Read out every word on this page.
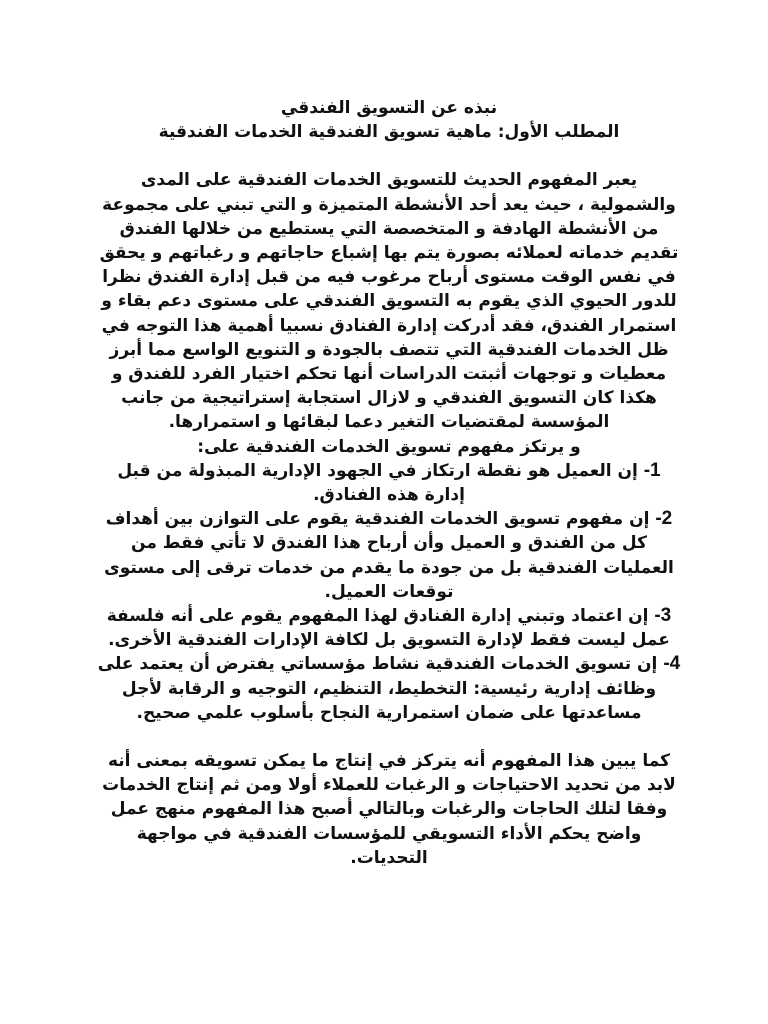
نبذه عن التسويق الفندقي
المطلب الأول: ماهية تسويق الفندقية الخدمات الفندقية

يعبر المفهوم الحديث للتسويق الخدمات الفندقية على المدى والشمولية ، حيث يعد أحد الأنشطة المتميزة و التي تبني على مجموعة من الأنشطة الهادفة و المتخصصة التي يستطيع من خلالها الفندق تقديم خدماته لعملائه بصورة يتم بها إشباع حاجاتهم و رغباتهم و يحقق في نفس الوقت مستوى أرباح مرغوب فيه من قبل إدارة الفندق نظرا للدور الحيوي الذي يقوم به التسويق الفندقي على مستوى دعم بقاء و استمرار الفندق، فقد أدركت إدارة الفنادق نسبيا أهمية هذا التوجه في ظل الخدمات الفندقية التي تتصف بالجودة و التنويع الواسع مما أبرز معطيات و توجهات أثبتت الدراسات أنها تحكم اختيار الفرد للفندق و هكذا كان التسويق الفندقي و لازال استجابة إستراتيجية من جانب المؤسسة لمقتضيات التغير دعما لبقائها و استمرارها.

و يرتكز مفهوم تسويق الخدمات الفندقية على:

1- إن العميل هو نقطة ارتكاز في الجهود الإدارية المبذولة من قبل إدارة هذه الفنادق.

2- إن مفهوم تسويق الخدمات الفندقية يقوم على التوازن بين أهداف كل من الفندق و العميل وأن أرباح هذا الفندق لا تأتي فقط من العمليات الفندقية بل من جودة ما يقدم من خدمات ترقى إلى مستوى توقعات العميل.

3- إن اعتماد وتبني إدارة الفنادق لهذا المفهوم يقوم على أنه فلسفة عمل ليست فقط لإدارة التسويق بل لكافة الإدارات الفندقية الأخرى.

4- إن تسويق الخدمات الفندقية نشاط مؤسساتي يفترض أن يعتمد على وظائف إدارية رئيسية: التخطيط، التنظيم، التوجيه و الرقابة لأجل مساعدتها على ضمان استمرارية النجاح بأسلوب علمي صحيح.

كما يبين هذا المفهوم أنه يتركز في إنتاج ما يمكن تسويقه بمعنى أنه لابد من تحديد الاحتياجات و الرغبات للعملاء أولا ومن ثم إنتاج الخدمات وفقا لتلك الحاجات والرغبات وبالتالي أصبح هذا المفهوم منهج عمل واضح يحكم الأداء التسويقي للمؤسسات الفندقية في مواجهة التحديات.
